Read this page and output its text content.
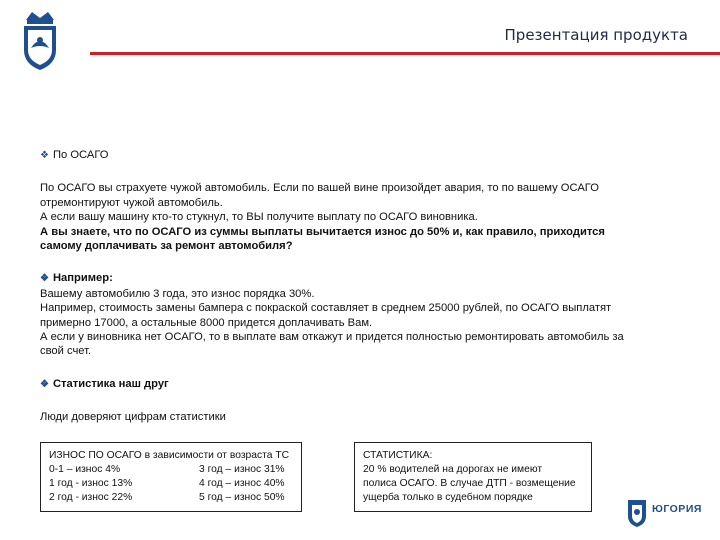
Презентация продукта

❖ По ОСАГО

По ОСАГО вы страхуете чужой автомобиль. Если по вашей вине произойдет авария, то по вашему ОСАГО

отремонтируют чужой автомобиль.

А если вашу машину кто-то стукнул, то ВЫ получите выплату по ОСАГО виновника.

А вы знаете, что по ОСАГО из суммы выплаты вычитается износ до 50% и, как правило, приходится

самому доплачивать за ремонт автомобиля?

❖ Например:

Вашему автомобилю 3 года, это износ порядка 30%.

Например, стоимость замены бампера с покраской составляет в среднем 25000 рублей, по ОСАГО выплатят

примерно 17000, а остальные 8000 придется доплачивать Вам.

А если у виновника нет ОСАГО, то в выплате вам откажут и придется полностью ремонтировать автомобиль за

свой счет.

❖ Статистика наш друг

Люди доверяют цифрам статистики

ИЗНОС ПО ОСАГО в зависимости от возраста ТС
0-1 – износ 4%	3 год – износ 31%
1 год - износ 13%	4 год – износ 40%
2 год - износ 22%	5 год – износ 50%
СТАТИСТИКА:
20 % водителей на дорогах не имеют
полиса ОСАГО. В случае ДТП - возмещение
ущерба только в судебном порядке
ЮГОРИЯ
